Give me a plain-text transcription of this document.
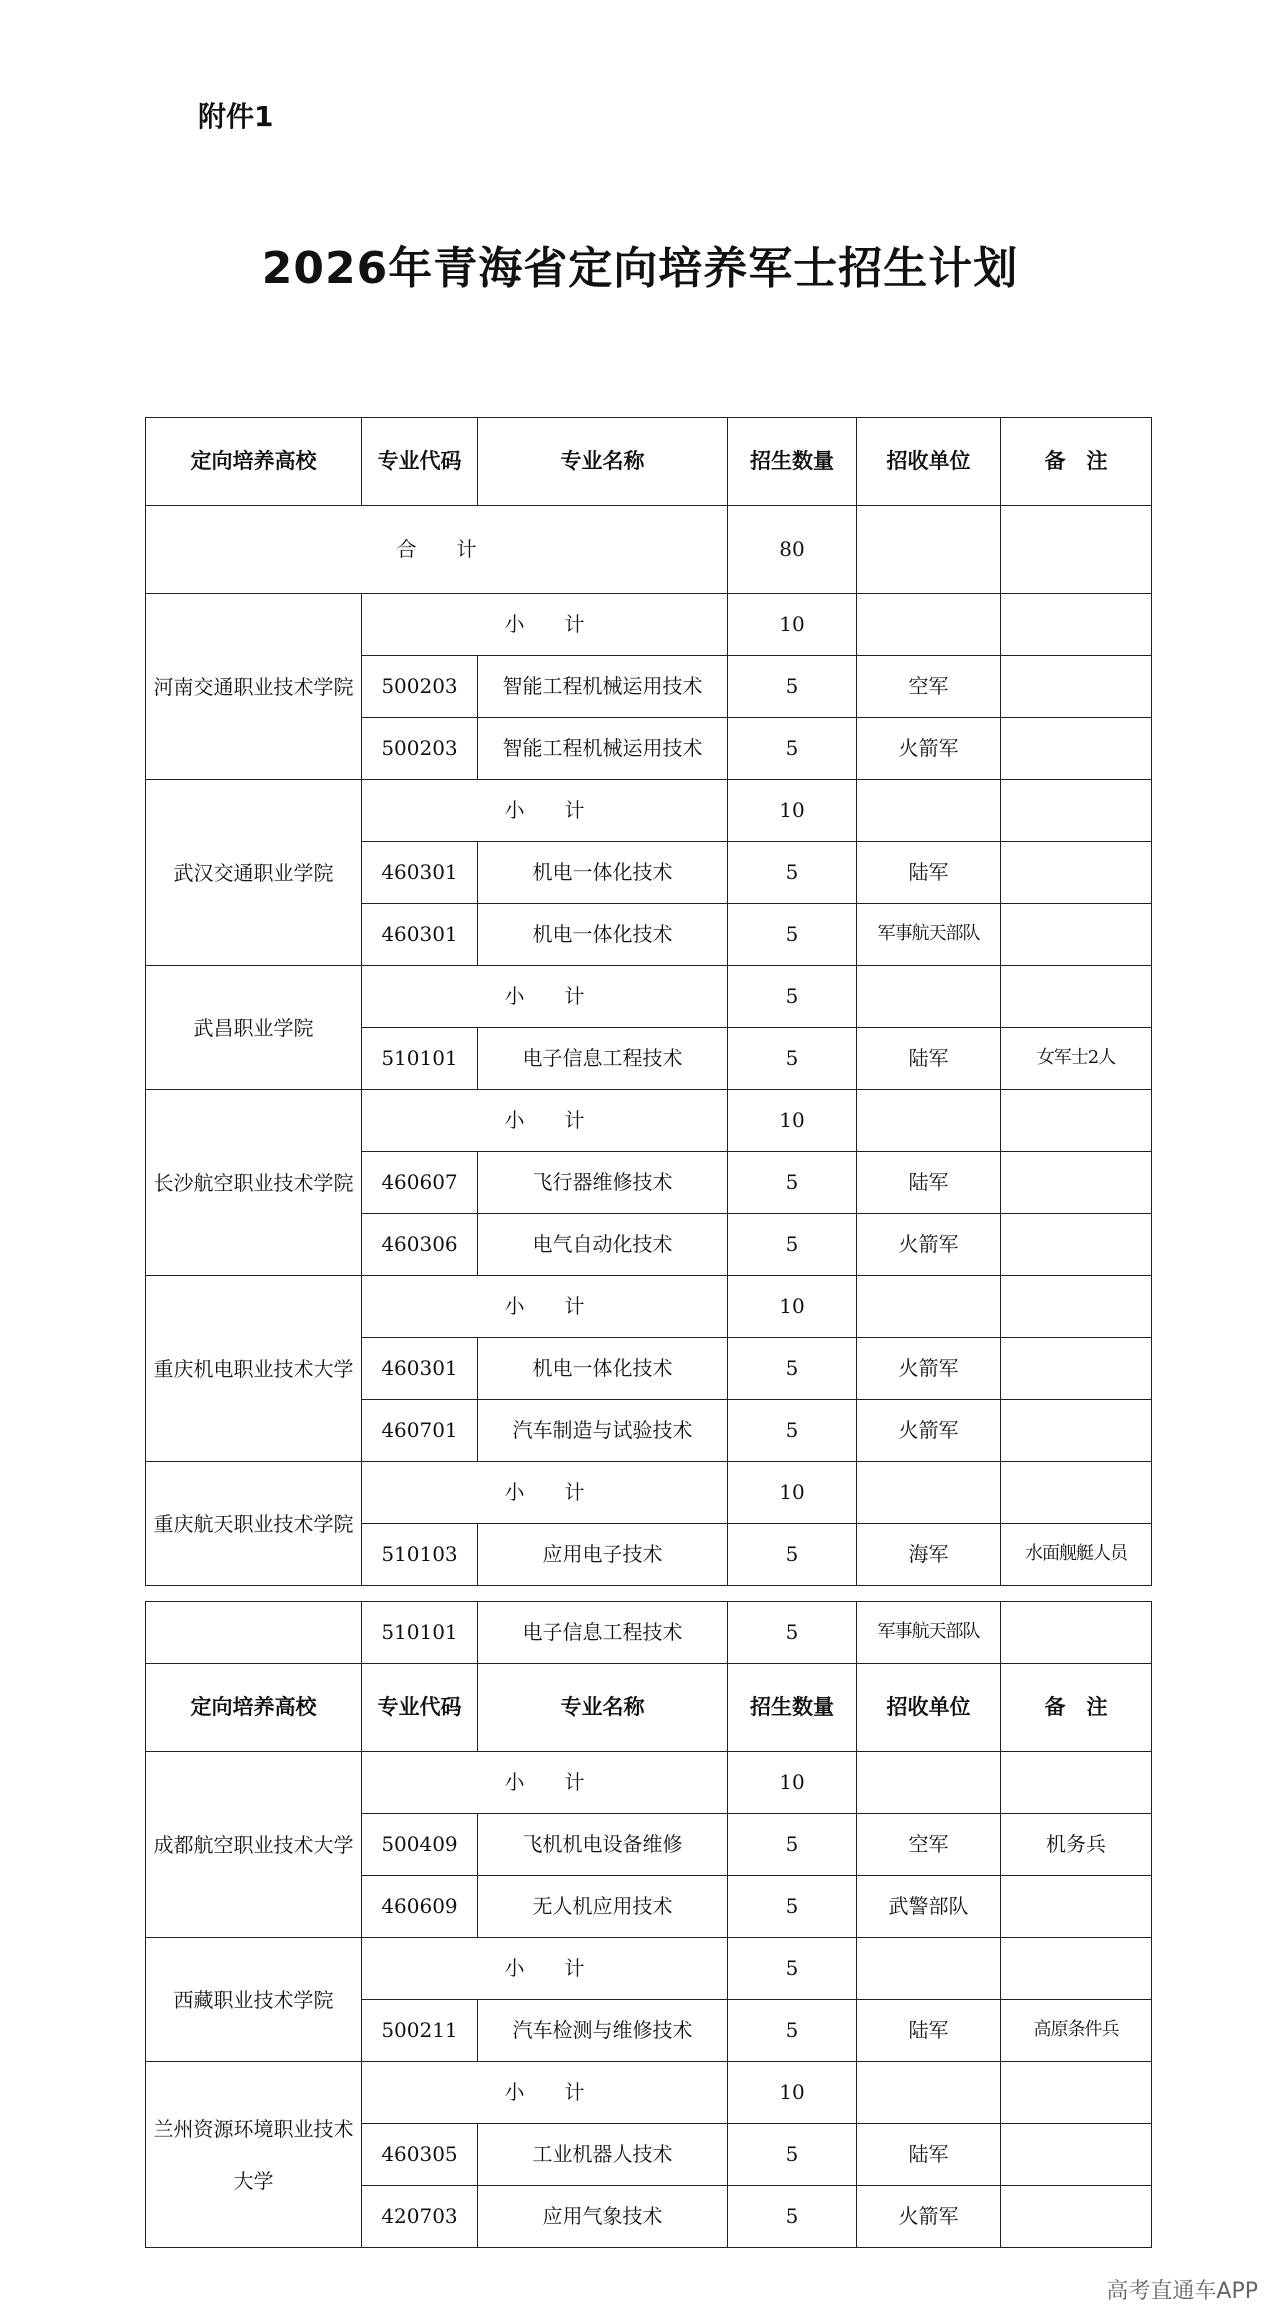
附件1
2026年青海省定向培养军士招生计划
定向培养高校	专业代码	专业名称	招生数量	招收单位	备　注
合　　计			80		
河南交通职业技术学院	小　　计		10		
	500203	智能工程机械运用技术	5	空军	
	500203	智能工程机械运用技术	5	火箭军	
武汉交通职业学院	小　　计		10		
	460301	机电一体化技术	5	陆军	
	460301	机电一体化技术	5	军事航天部队	
武昌职业学院	小　　计		5		
	510101	电子信息工程技术	5	陆军	女军士2人
长沙航空职业技术学院	小　　计		10		
	460607	飞行器维修技术	5	陆军	
	460306	电气自动化技术	5	火箭军	
重庆机电职业技术大学	小　　计		10		
	460301	机电一体化技术	5	火箭军	
	460701	汽车制造与试验技术	5	火箭军	
重庆航天职业技术学院	小　　计		10		
	510103	应用电子技术	5	海军	水面舰艇人员
	510101	电子信息工程技术	5	军事航天部队	
定向培养高校	专业代码	专业名称	招生数量	招收单位	备　注
成都航空职业技术大学	小　　计		10		
	500409	飞机机电设备维修	5	空军	机务兵
	460609	无人机应用技术	5	武警部队	
西藏职业技术学院	小　　计		5		
	500211	汽车检测与维修技术	5	陆军	高原条件兵
兰州资源环境职业技术大学	小　　计		10		
	460305	工业机器人技术	5	陆军	
	420703	应用气象技术	5	火箭军	
高考直通车APP
